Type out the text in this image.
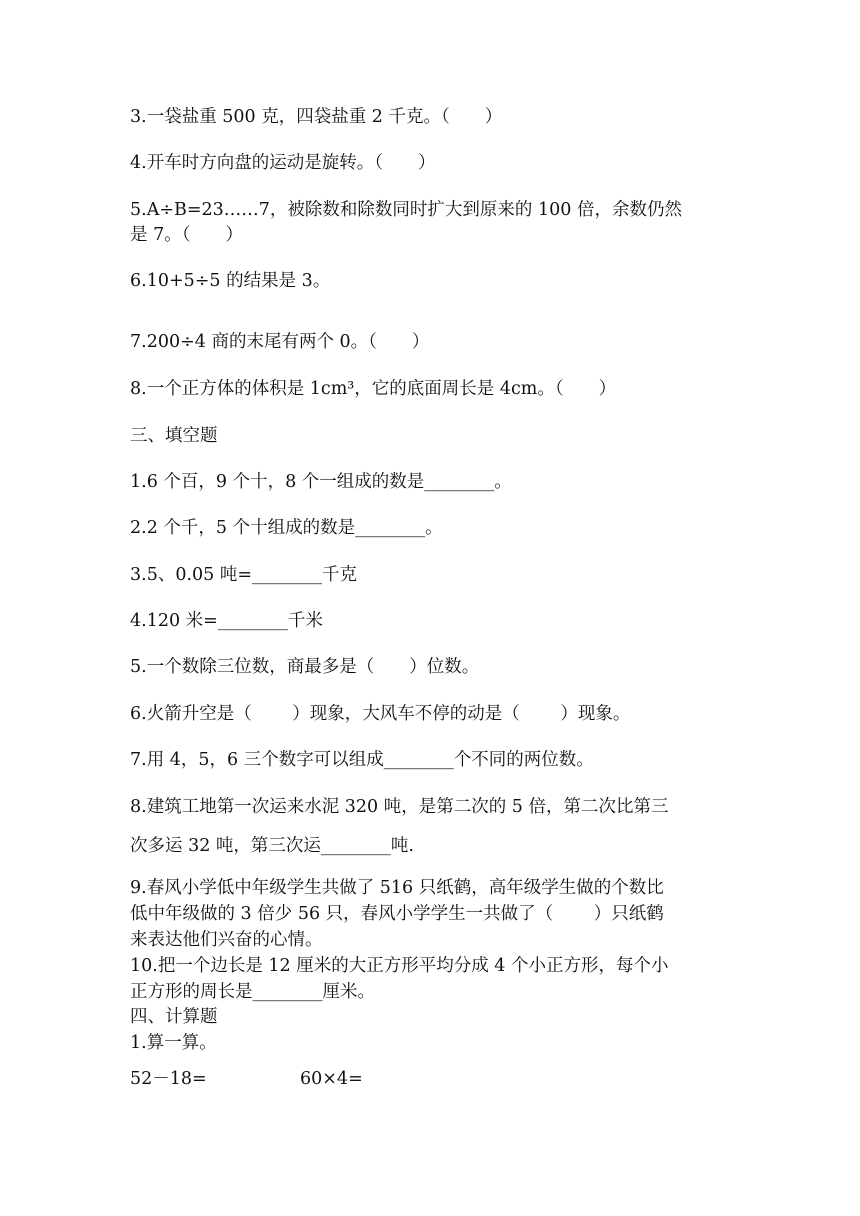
3.一袋盐重 500 克，四袋盐重 2 千克。（　　）

4.开车时方向盘的运动是旋转。（　　）

5.A÷B=23……7，被除数和除数同时扩大到原来的 100 倍，余数仍然

是 7。（　　）

6.10+5÷5 的结果是 3。

7.200÷4 商的末尾有两个 0。（　　）

8.一个正方体的体积是 1cm³，它的底面周长是 4cm。（　　）

三、填空题

1.6 个百，9 个十，8 个一组成的数是________。

2.2 个千，5 个十组成的数是________。

3.5、0.05 吨=________千克

4.120 米=________千米

5.一个数除三位数，商最多是（　　）位数。

6.火箭升空是（　　 ）现象，大风车不停的动是（　　 ）现象。

7.用 4，5，6 三个数字可以组成________个不同的两位数。

8.建筑工地第一次运来水泥 320 吨，是第二次的 5 倍，第二次比第三

次多运 32 吨，第三次运________吨.

9.春风小学低中年级学生共做了 516 只纸鹤，高年级学生做的个数比

低中年级做的 3 倍少 56 只，春风小学学生一共做了（　　 ）只纸鹤

来表达他们兴奋的心情。

10.把一个边长是 12 厘米的大正方形平均分成 4 个小正方形，每个小

正方形的周长是________厘米。

四、计算题

1.算一算。

52－18=	60×4=
